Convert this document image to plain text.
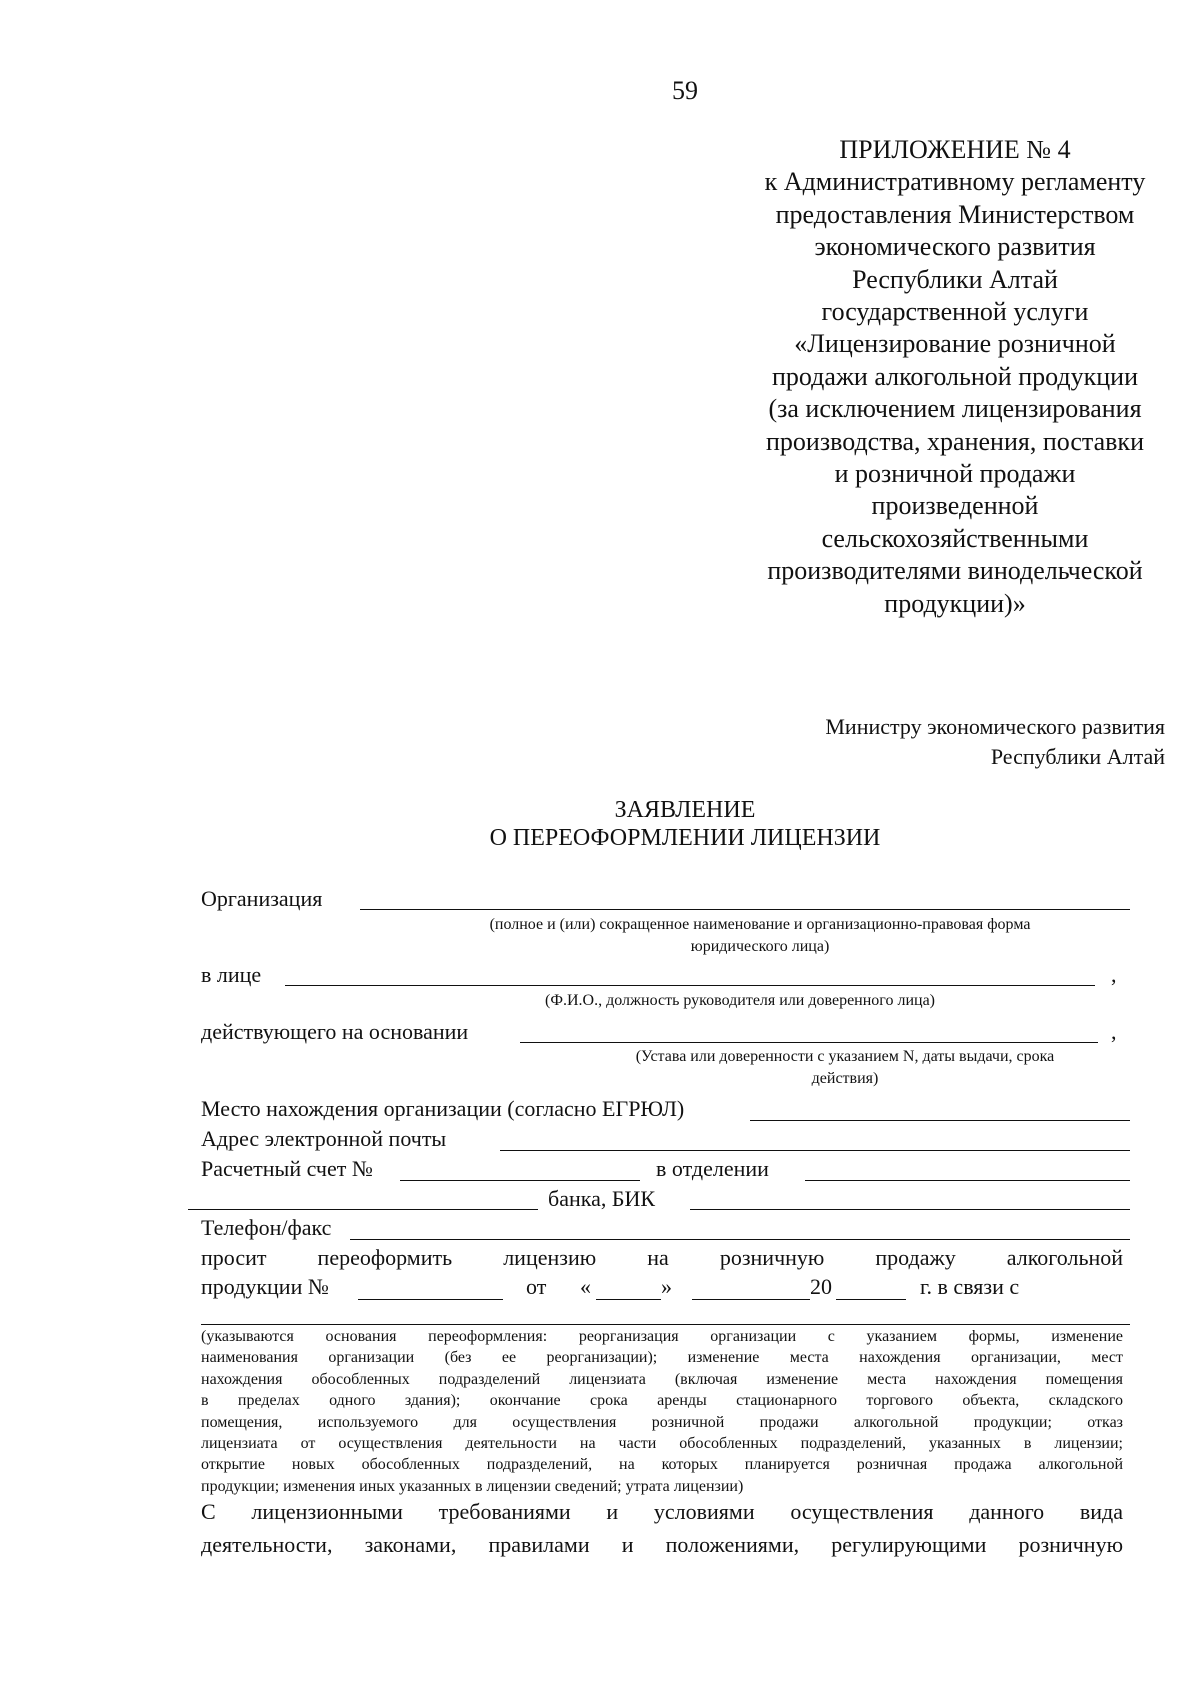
59
ПРИЛОЖЕНИЕ № 4
к Административному регламенту
предоставления Министерством
экономического развития
Республики Алтай
государственной услуги
«Лицензирование розничной
продажи алкогольной продукции
(за исключением лицензирования
производства, хранения, поставки
и розничной продажи
произведенной
сельскохозяйственными
производителями винодельческой
продукции)»
Министру экономического развития
Республики Алтай
ЗАЯВЛЕНИЕ
О ПЕРЕОФОРМЛЕНИИ ЛИЦЕНЗИИ
Организация
(полное и (или) сокращенное наименование и организационно-правовая форма
юридического лица)
в лице	,
(Ф.И.О., должность руководителя или доверенного лица)
действующего на основании	,
(Устава или доверенности с указанием N, даты выдачи, срока
действия)
Место нахождения организации (согласно ЕГРЮЛ)
Адрес электронной почты
Расчетный счет №	в отделении
банка, БИК
Телефон/факс
просит переоформить лицензию на розничную продажу алкогольной
продукции №	от «	»	20	г. в связи с
(указываются основания переоформления: реорганизация организации с указанием формы, изменение
наименования организации (без ее реорганизации); изменение места нахождения организации, мест
нахождения обособленных подразделений лицензиата (включая изменение места нахождения помещения
в пределах одного здания); окончание срока аренды стационарного торгового объекта, складского
помещения, используемого для осуществления розничной продажи алкогольной продукции; отказ
лицензиата от осуществления деятельности на части обособленных подразделений, указанных в лицензии;
открытие новых обособленных подразделений, на которых планируется розничная продажа алкогольной
продукции; изменения иных указанных в лицензии сведений; утрата лицензии)
С лицензионными требованиями и условиями осуществления данного вида
деятельности, законами, правилами и положениями, регулирующими розничную
